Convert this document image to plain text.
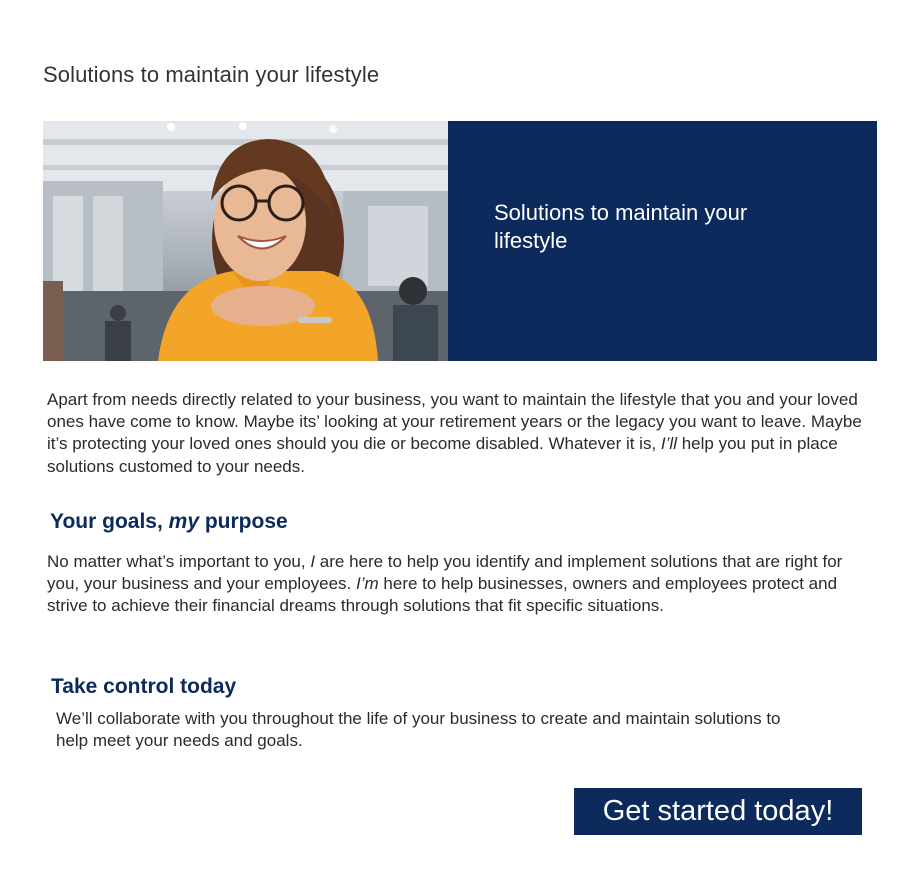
Solutions to maintain your lifestyle
Solutions to maintain your lifestyle

Apart from needs directly related to your business, you want to maintain the lifestyle that you and your loved ones have come to know. Maybe its’ looking at your retirement years or the legacy you want to leave. Maybe it’s protecting your loved ones should you die or become disabled. Whatever it is, I’ll help you put in place solutions customed to your needs.

Your goals, my purpose

No matter what’s important to you, I are here to help you identify and implement solutions that are right for you, your business and your employees. I’m here to help businesses, owners and employees protect and strive to achieve their financial dreams through solutions that fit specific situations.

Take control today

We’ll collaborate with you throughout the life of your business to create and maintain solutions to help meet your needs and goals.

Get started today!
